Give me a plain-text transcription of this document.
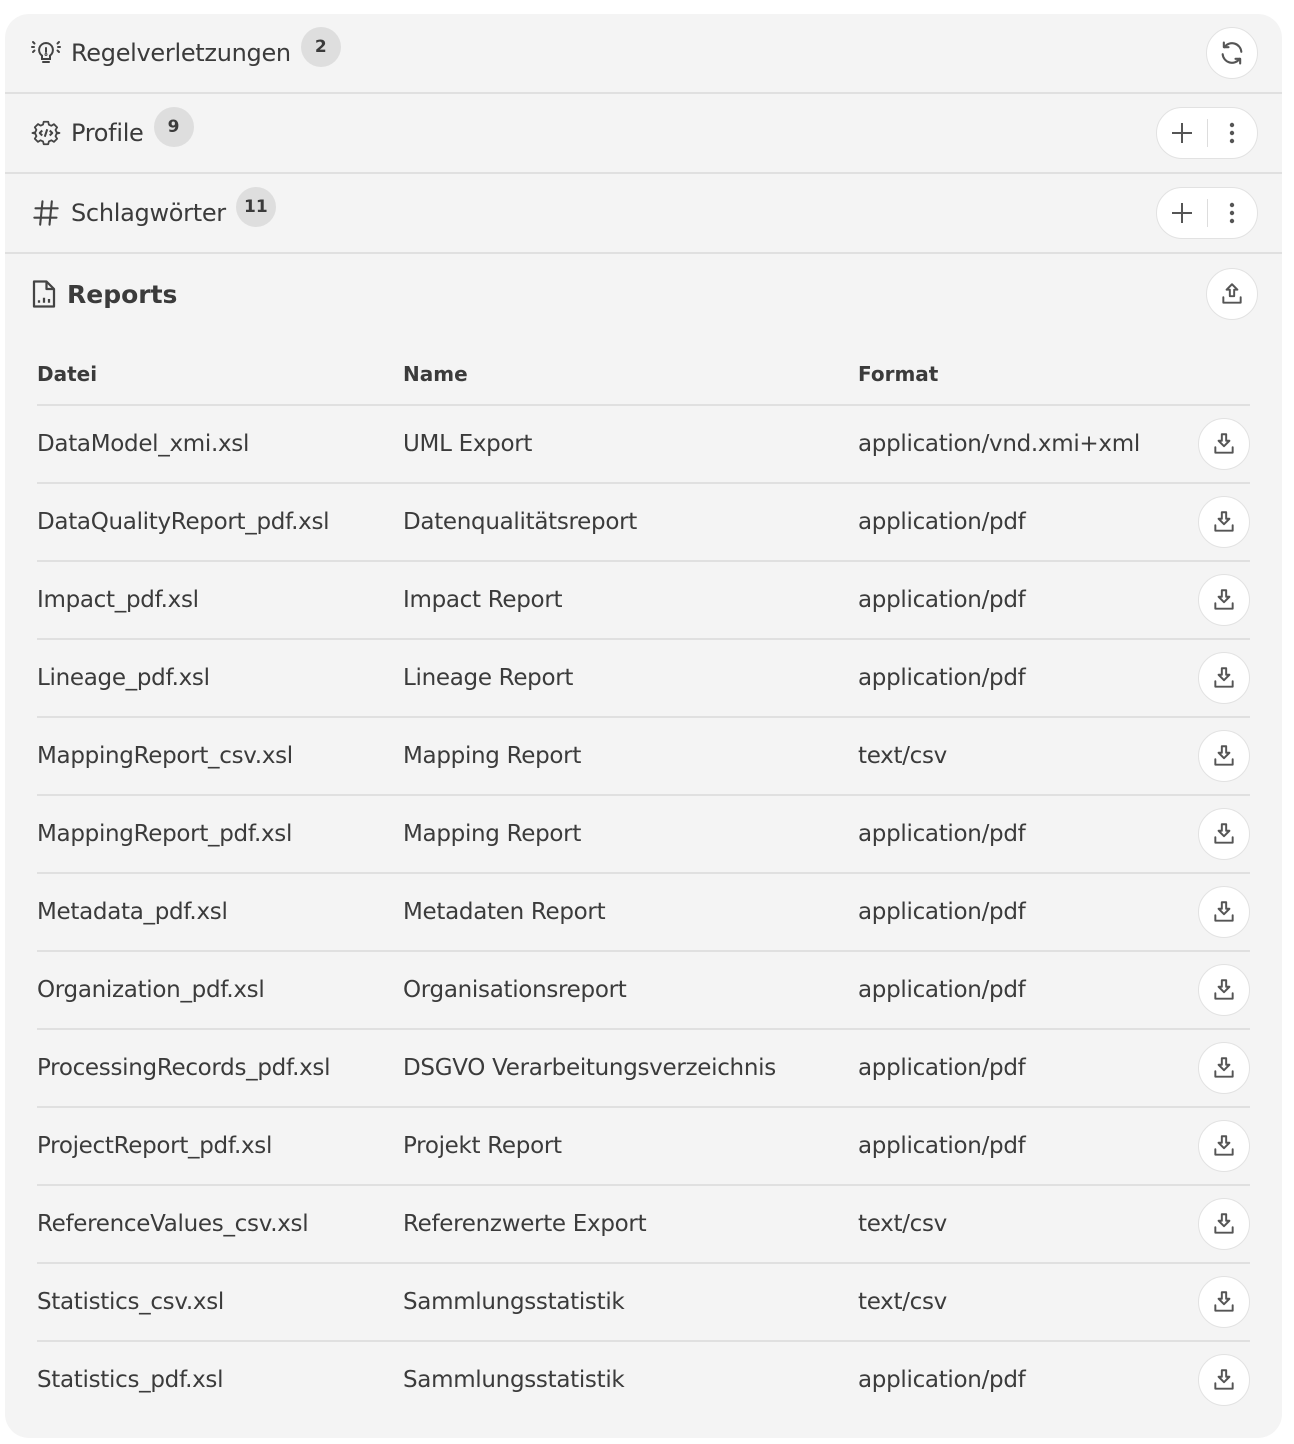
Regelverletzungen	2
Profile	9
Schlagwörter	11
Reports
Datei	Name	Format	
DataModel_xmi.xsl	UML Export	application/vnd.xmi+xml	

DataQualityReport_pdf.xsl	Datenqualitätsreport	application/pdf	

Impact_pdf.xsl	Impact Report	application/pdf	

Lineage_pdf.xsl	Lineage Report	application/pdf	

MappingReport_csv.xsl	Mapping Report	text/csv	

MappingReport_pdf.xsl	Mapping Report	application/pdf	

Metadata_pdf.xsl	Metadaten Report	application/pdf	

Organization_pdf.xsl	Organisationsreport	application/pdf	

ProcessingRecords_pdf.xsl	DSGVO Verarbeitungsverzeichnis	application/pdf	

ProjectReport_pdf.xsl	Projekt Report	application/pdf	

ReferenceValues_csv.xsl	Referenzwerte Export	text/csv	

Statistics_csv.xsl	Sammlungsstatistik	text/csv	

Statistics_pdf.xsl	Sammlungsstatistik	application/pdf	
